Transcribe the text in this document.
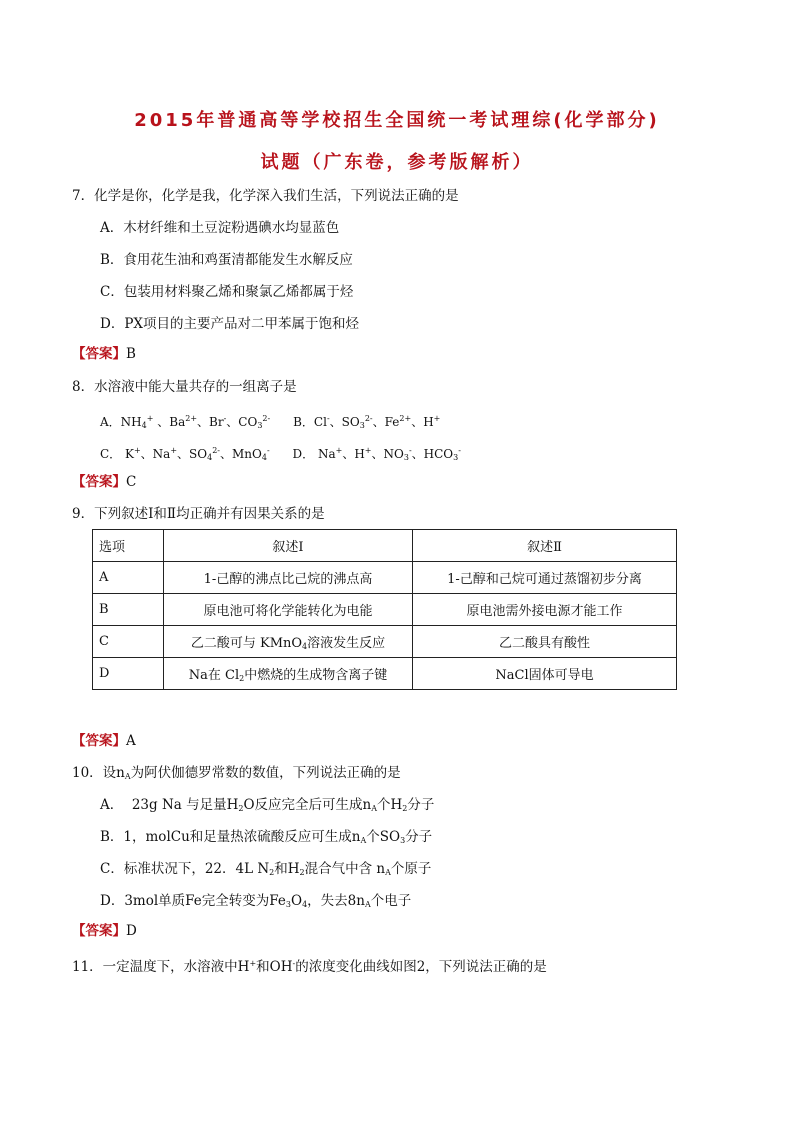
2015年普通高等学校招生全国统一考试理综(化学部分)
试题（广东卷，参考版解析）
7．化学是你，化学是我，化学深入我们生活，下列说法正确的是
A．木材纤维和土豆淀粉遇碘水均显蓝色
B．食用花生油和鸡蛋清都能发生水解反应
C．包装用材料聚乙烯和聚氯乙烯都属于烃
D．PX项目的主要产品对二甲苯属于饱和烃
【答案】B
8．水溶液中能大量共存的一组离子是
A．$NH_4^+$ 、$Ba^{2+}$、Br-、$CO_3^{2-}$      B．Cl-、$SO_3^{2-}$、$Fe^{2+}$、H+
C． K+、Na+、$SO_4^{2-}$、MnO$_4$-      D． Na+、H+、$NO_3^-$、$HCO_3^-$
【答案】C
9．下列叙述Ⅰ和Ⅱ均正确并有因果关系的是
选项	叙述Ⅰ	叙述Ⅱ
A	1-己醇的沸点比己烷的沸点高	1-己醇和己烷可通过蒸馏初步分离
B	原电池可将化学能转化为电能	原电池需外接电源才能工作
C	乙二酸可与 KMnO$_4$溶液发生反应	乙二酸具有酸性
D	Na在 $Cl_2$中燃烧的生成物含离子键	NaCl固体可导电
【答案】A
10．设$n_A$为阿伏伽德罗常数的数值，下列说法正确的是
A．  23g Na 与足量$H_2O$反应完全后可生成$n_A$个$H_2$分子
B．1，molCu和足量热浓硫酸反应可生成$n_A$个$SO_3$分子
C．标准状况下，22．4L $N_2$和$H_2$混合气中含 $n_A$个原子
D．3mol单质Fe完全转变为$Fe_3O_4$，失去$8n_A$个电子
【答案】D
11．一定温度下，水溶液中H+和OH-的浓度变化曲线如图2，下列说法正确的是
